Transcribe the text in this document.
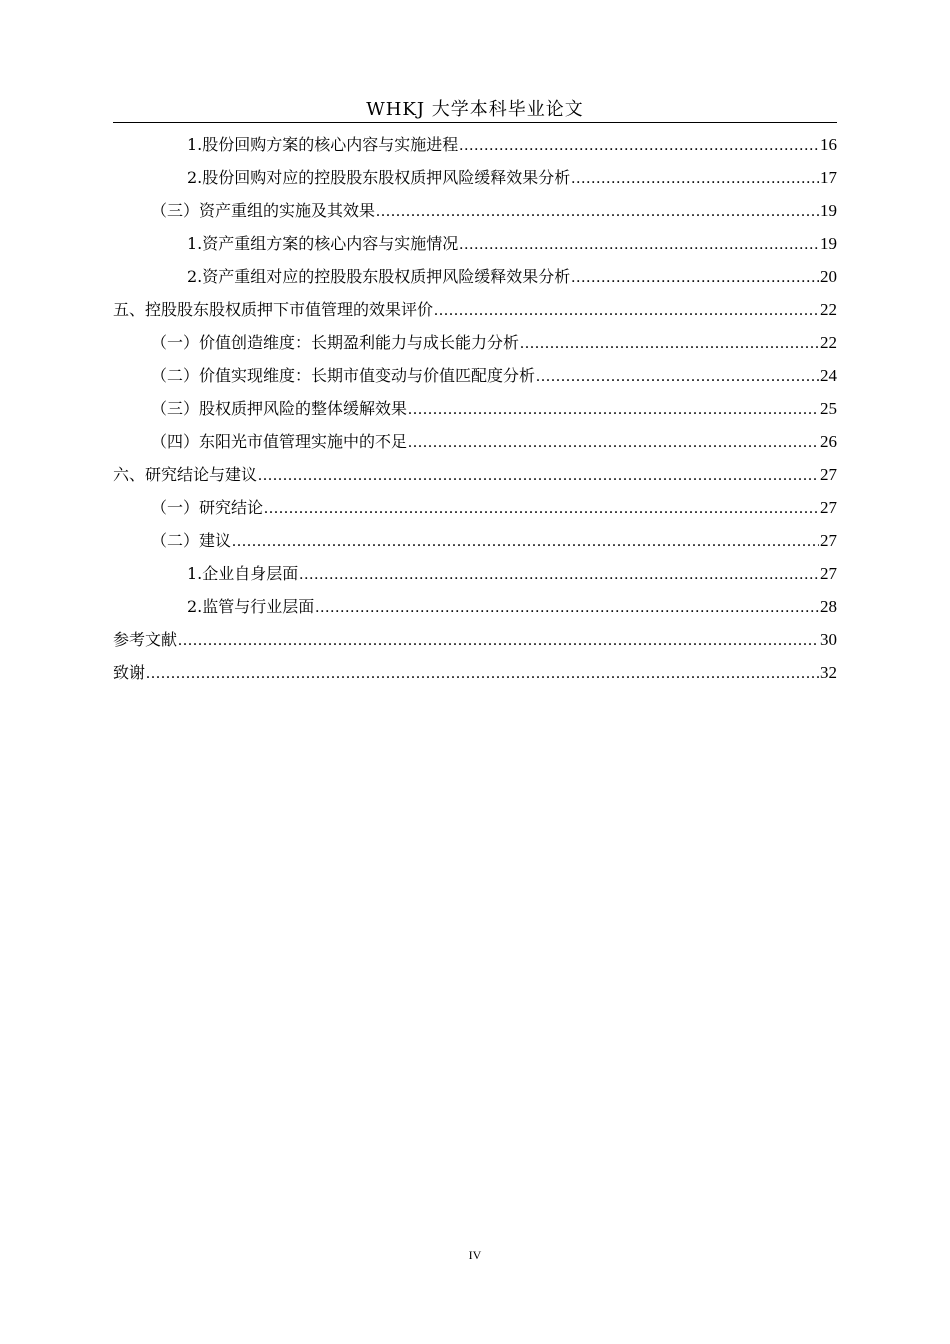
WHKJ 大学本科毕业论文
1.股份回购方案的核心内容与实施进程 .....	16
2.股份回购对应的控股股东股权质押风险缓释效果分析 .....	17
（三）资产重组的实施及其效果 .....	19
1.资产重组方案的核心内容与实施情况 .....	19
2.资产重组对应的控股股东股权质押风险缓释效果分析 .....	20
五、控股股东股权质押下市值管理的效果评价 .....	22
（一）价值创造维度：长期盈利能力与成长能力分析 .....	22
（二）价值实现维度：长期市值变动与价值匹配度分析 .....	24
（三）股权质押风险的整体缓解效果 .....	25
（四）东阳光市值管理实施中的不足 .....	26
六、研究结论与建议 .....	27
（一）研究结论 .....	27
（二）建议 .....	27
1.企业自身层面 .....	27
2.监管与行业层面 .....	28
参考文献 .....	30
致谢 .....	32
IV
